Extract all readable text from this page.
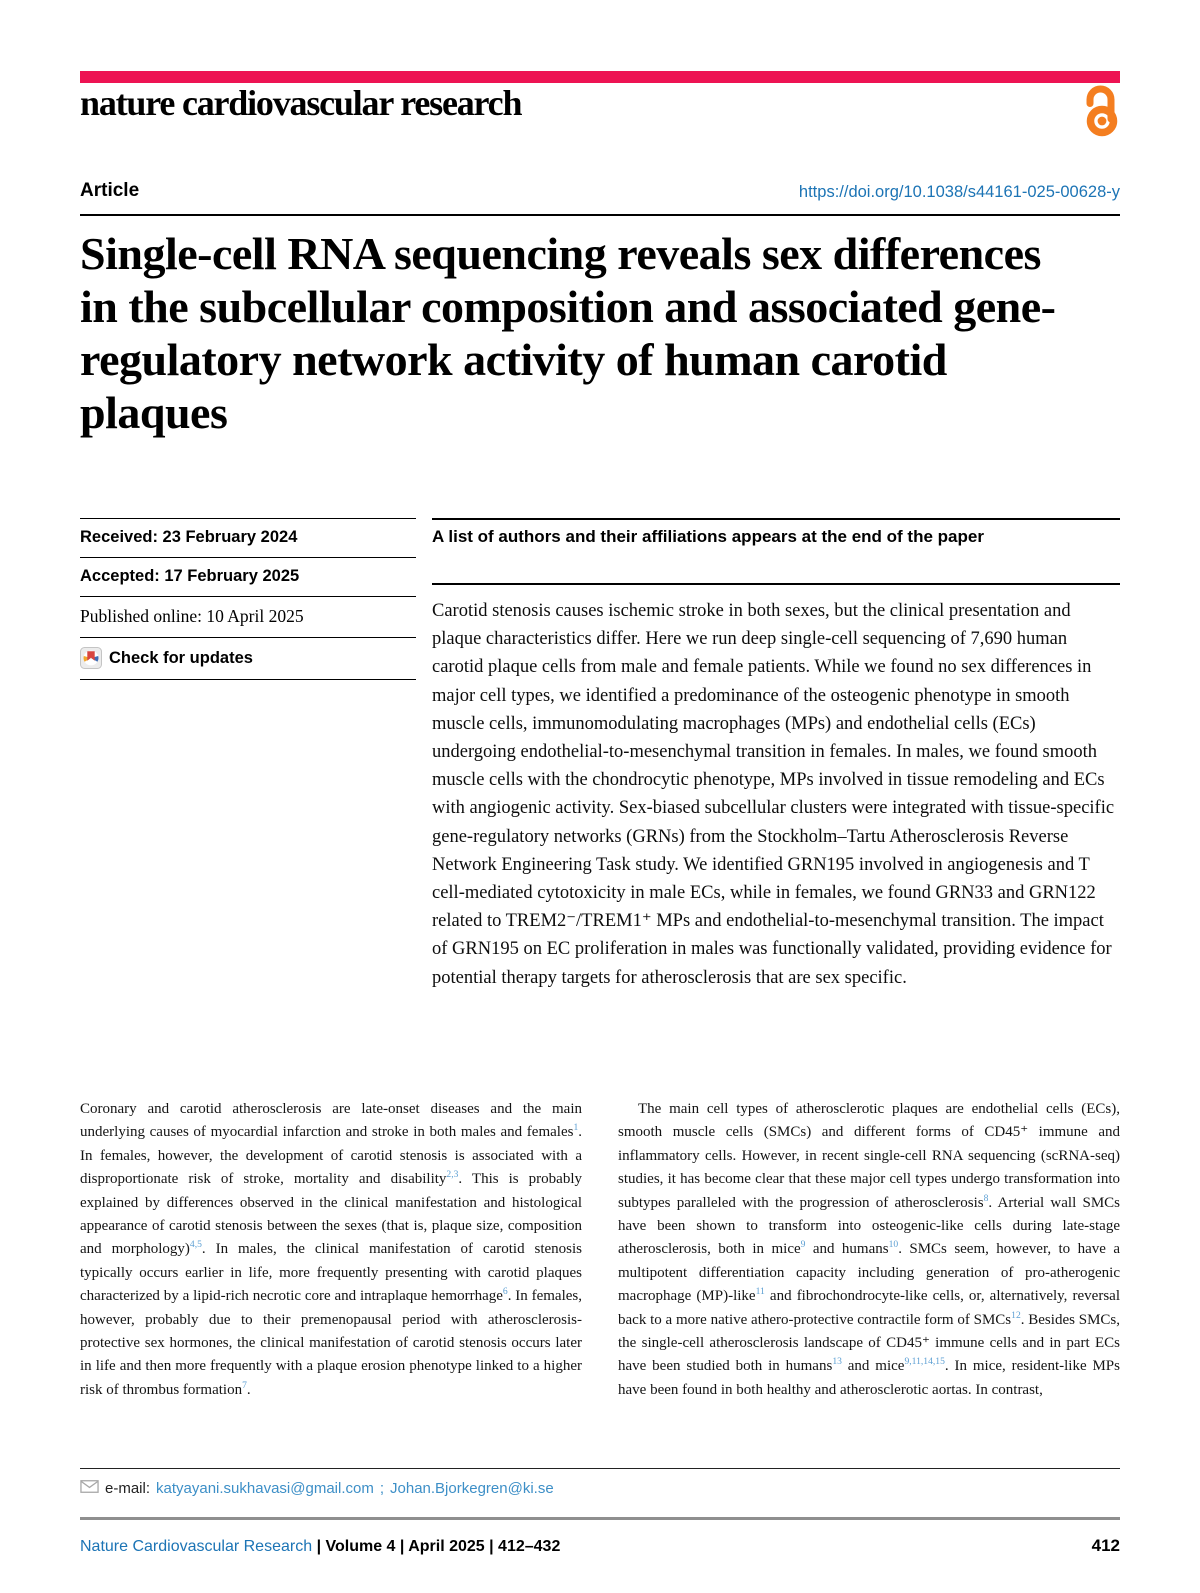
nature cardiovascular research
Article	https://doi.org/10.1038/s44161-025-00628-y
Single-cell RNA sequencing reveals sex differences in the subcellular composition and associated gene-regulatory network activity of human carotid plaques
Received: 23 February 2024
Accepted: 17 February 2025
Published online: 10 April 2025
Check for updates
A list of authors and their affiliations appears at the end of the paper
Carotid stenosis causes ischemic stroke in both sexes, but the clinical presentation and plaque characteristics differ. Here we run deep single-cell sequencing of 7,690 human carotid plaque cells from male and female patients. While we found no sex differences in major cell types, we identified a predominance of the osteogenic phenotype in smooth muscle cells, immunomodulating macrophages (MPs) and endothelial cells (ECs) undergoing endothelial-to-mesenchymal transition in females. In males, we found smooth muscle cells with the chondrocytic phenotype, MPs involved in tissue remodeling and ECs with angiogenic activity. Sex-biased subcellular clusters were integrated with tissue-specific gene-regulatory networks (GRNs) from the Stockholm–Tartu Atherosclerosis Reverse Network Engineering Task study. We identified GRN195 involved in angiogenesis and T cell-mediated cytotoxicity in male ECs, while in females, we found GRN33 and GRN122 related to TREM2⁻/TREM1⁺ MPs and endothelial-to-mesenchymal transition. The impact of GRN195 on EC proliferation in males was functionally validated, providing evidence for potential therapy targets for atherosclerosis that are sex specific.

Coronary and carotid atherosclerosis are late-onset diseases and the main underlying causes of myocardial infarction and stroke in both males and females$^1$. In females, however, the development of carotid stenosis is associated with a disproportionate risk of stroke, mortality and disability$^{2,3}$. This is probably explained by differences observed in the clinical manifestation and histological appearance of carotid stenosis between the sexes (that is, plaque size, composition and morphology)$^{4,5}$. In males, the clinical manifestation of carotid stenosis typically occurs earlier in life, more frequently presenting with carotid plaques characterized by a lipid-rich necrotic core and intraplaque hemorrhage$^6$. In females, however, probably due to their premenopausal period with atherosclerosis-protective sex hormones, the clinical manifestation of carotid stenosis occurs later in life and then more frequently with a plaque erosion phenotype linked to a higher risk of thrombus formation$^7$.

The main cell types of atherosclerotic plaques are endothelial cells (ECs), smooth muscle cells (SMCs) and different forms of CD45⁺ immune and inflammatory cells. However, in recent single-cell RNA sequencing (scRNA-seq) studies, it has become clear that these major cell types undergo transformation into subtypes paralleled with the progression of atherosclerosis$^8$. Arterial wall SMCs have been shown to transform into osteogenic-like cells during late-stage atherosclerosis, both in mice$^9$ and humans$^{10}$. SMCs seem, however, to have a multipotent differentiation capacity including generation of pro-atherogenic macrophage (MP)-like$^{11}$ and fibrochondrocyte-like cells, or, alternatively, reversal back to a more native athero-protective contractile form of SMCs$^{12}$. Besides SMCs, the single-cell atherosclerosis landscape of CD45⁺ immune cells and in part ECs have been studied both in humans$^{13}$ and mice$^{9,11,14,15}$. In mice, resident-like MPs have been found in both healthy and atherosclerotic aortas. In contrast,

e-mail: katyayani.sukhavasi@gmail.com ; Johan.Bjorkegren@ki.se
Nature Cardiovascular Research | Volume 4 | April 2025 | 412–432	412
